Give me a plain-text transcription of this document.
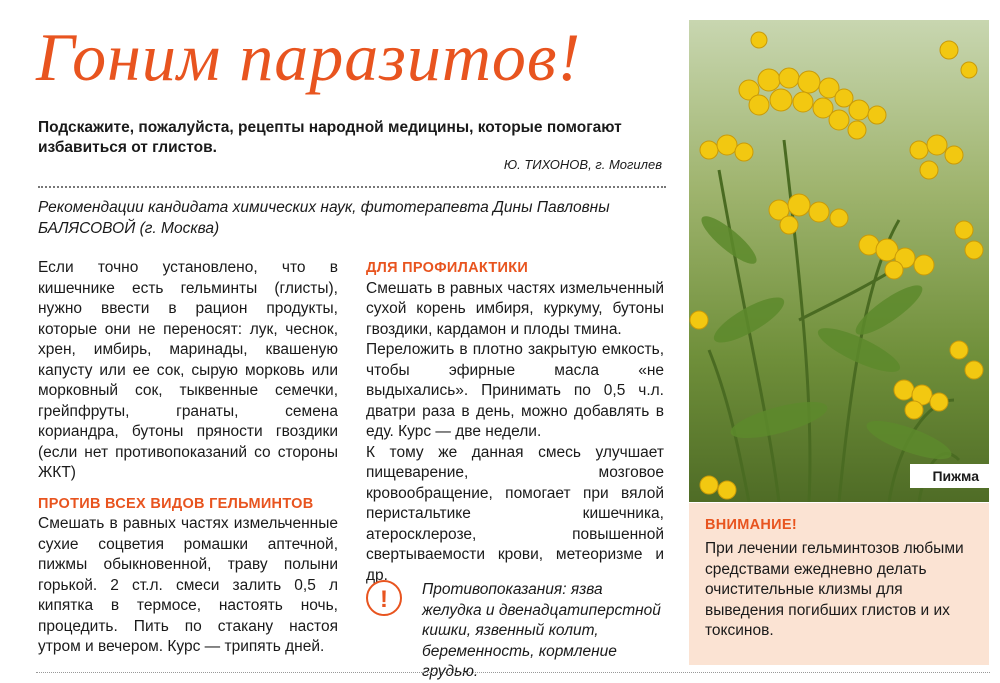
Гоним паразитов!
Подскажите, пожалуйста, рецепты народной медицины, которые помогают избавиться от глистов.
Ю. ТИХОНОВ, г. Могилев
Рекомендации кандидата химических наук, фитотерапевта Дины Павловны БАЛЯСОВОЙ (г. Москва)

Если точно установлено, что в кишечнике есть гельминты (глисты), нужно ввести в рацион продукты, которые они не переносят: лук, чеснок, хрен, имбирь, маринады, квашеную капусту или ее сок, сырую морковь или морковный сок, тыквенные семечки, грейпфруты, гранаты, семена кориандра, бутоны пряности гвоздики (если нет противопоказаний со стороны ЖКТ)

ПРОТИВ ВСЕХ ВИДОВ ГЕЛЬМИНТОВ

Смешать в равных частях измельченные сухие соцветия ромашки аптечной, пижмы обыкновенной, траву полыни горькой. 2 ст.л. смеси залить 0,5 л кипятка в термосе, настоять ночь, процедить. Пить по стакану настоя утром и вечером. Курс — трипять дней.

ДЛЯ ПРОФИЛАКТИКИ

Смешать в равных частях измельченный сухой корень имбиря, куркуму, бутоны гвоздики, кардамон и плоды тмина.

Переложить в плотно закрытую емкость, чтобы эфирные масла «не выдыхались». Принимать по 0,5 ч.л. дватри раза в день, можно добавлять в еду. Курс — две недели.

К тому же данная смесь улучшает пищеварение, мозговое кровообращение, помогает при вялой перистальтике кишечника, атеросклерозе, повышенной свертываемости крови, метеоризме и др.

!	Противопоказания: язва желудка и двенадцатиперстной кишки, язвенный колит, беременность, кормление грудью.
Пижма
ВНИМАНИЕ!
При лечении гельминтозов любыми средствами ежедневно делать очистительные клизмы для выведения погибших глистов и их токсинов.
